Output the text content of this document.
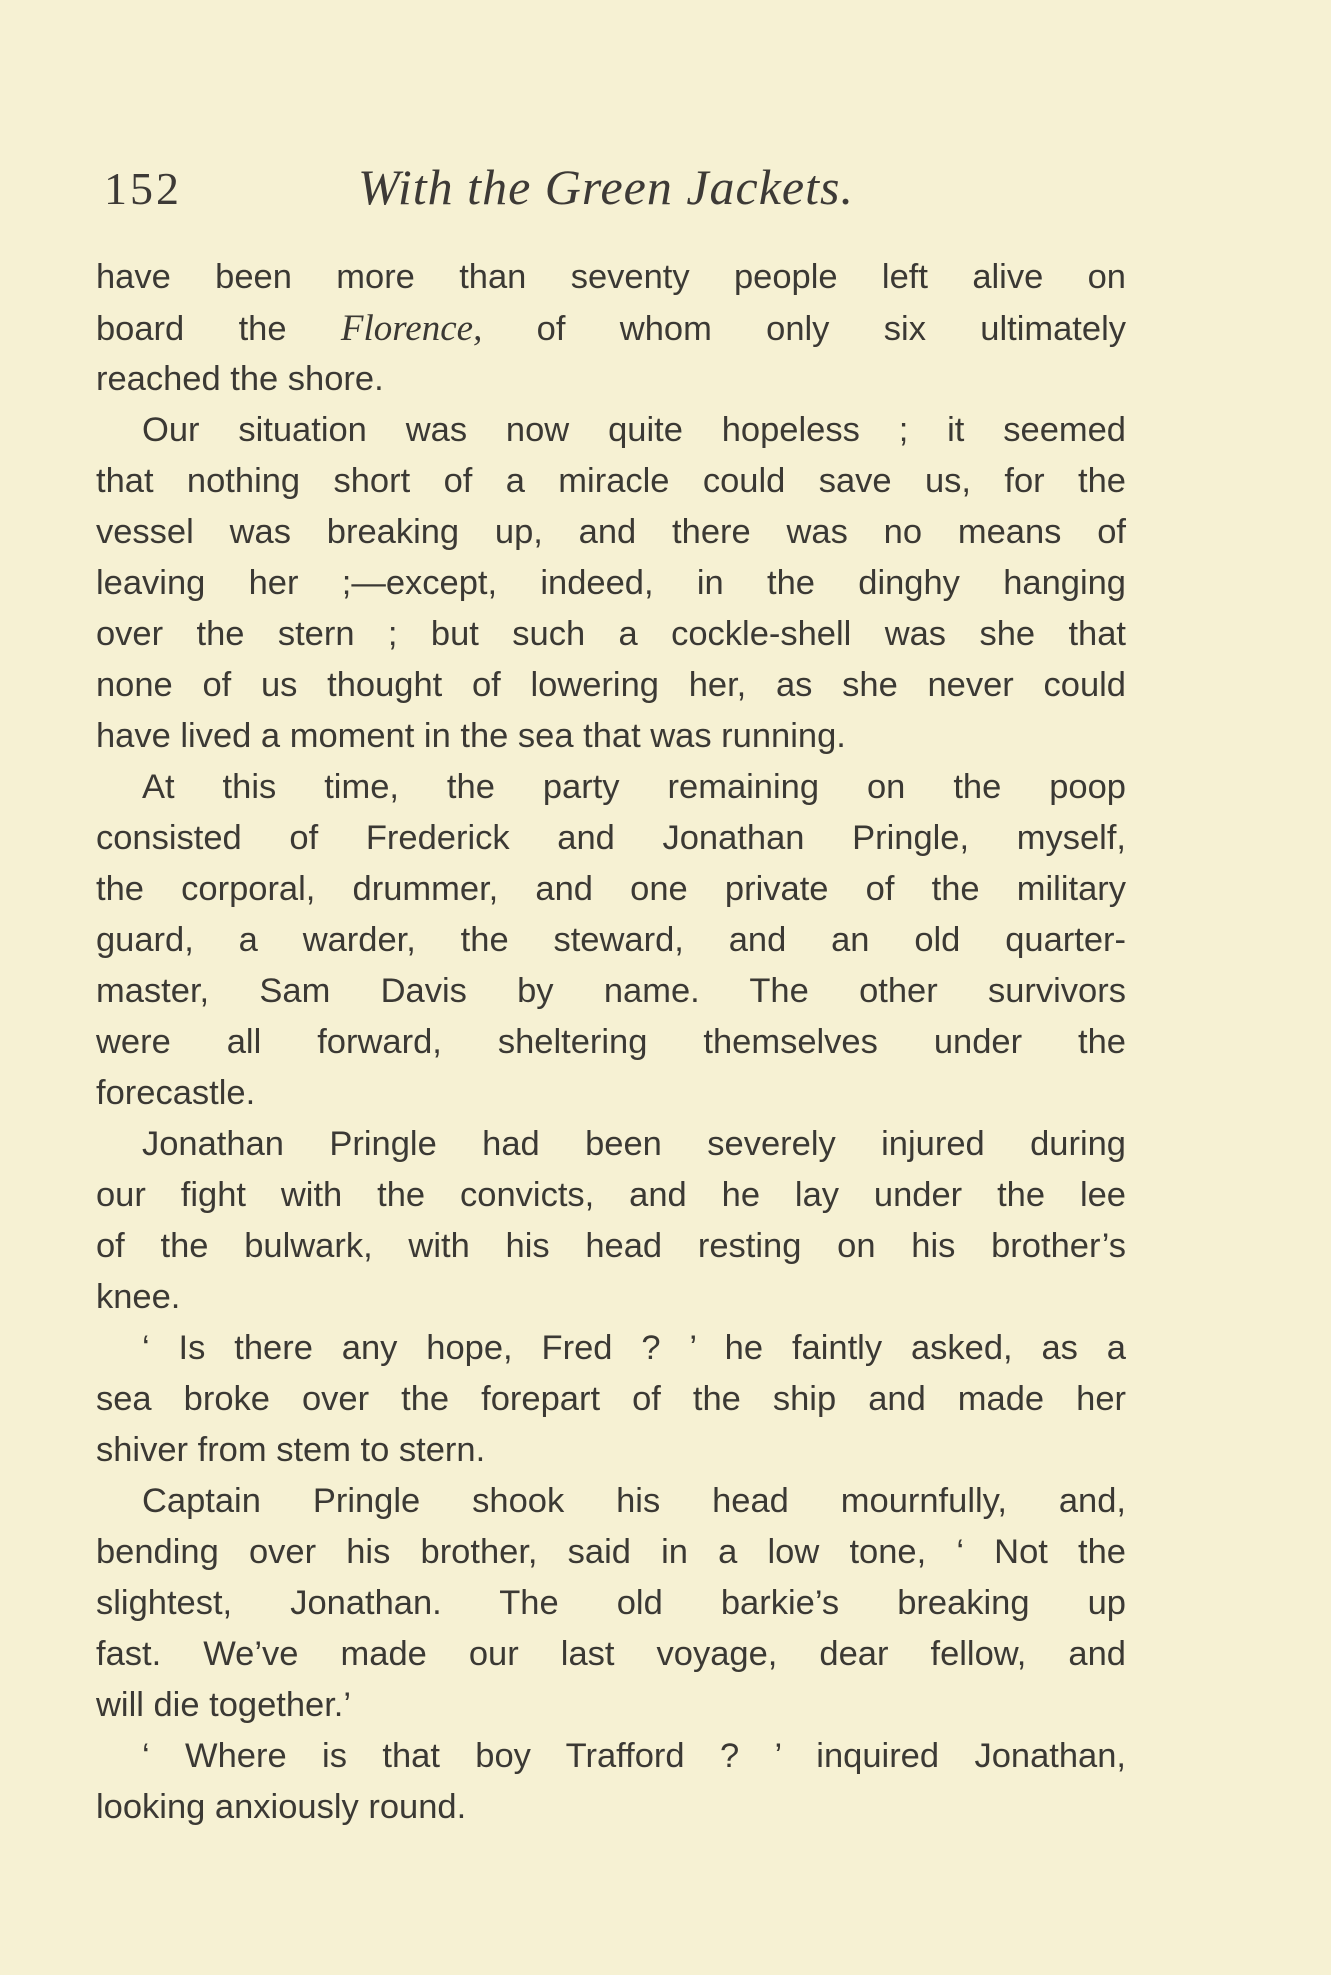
152	With the Green Jackets.
have been more than seventy people left alive on
board the Florence, of whom only six ultimately
reached the shore.
Our situation was now quite hopeless ; it seemed
that nothing short of a miracle could save us, for the
vessel was breaking up, and there was no means of
leaving her ;—except, indeed, in the dinghy hanging
over the stern ; but such a cockle-shell was she that
none of us thought of lowering her, as she never could
have lived a moment in the sea that was running.
At this time, the party remaining on the poop
consisted of Frederick and Jonathan Pringle, myself,
the corporal, drummer, and one private of the military
guard, a warder, the steward, and an old quarter-
master, Sam Davis by name. The other survivors
were all forward, sheltering themselves under the
forecastle.
Jonathan Pringle had been severely injured during
our fight with the convicts, and he lay under the lee
of the bulwark, with his head resting on his brother’s
knee.
‘ Is there any hope, Fred ? ’ he faintly asked, as a
sea broke over the forepart of the ship and made her
shiver from stem to stern.
Captain Pringle shook his head mournfully, and,
bending over his brother, said in a low tone, ‘ Not the
slightest, Jonathan. The old barkie’s breaking up
fast. We’ve made our last voyage, dear fellow, and
will die together.’
‘ Where is that boy Trafford ? ’ inquired Jonathan,
looking anxiously round.
